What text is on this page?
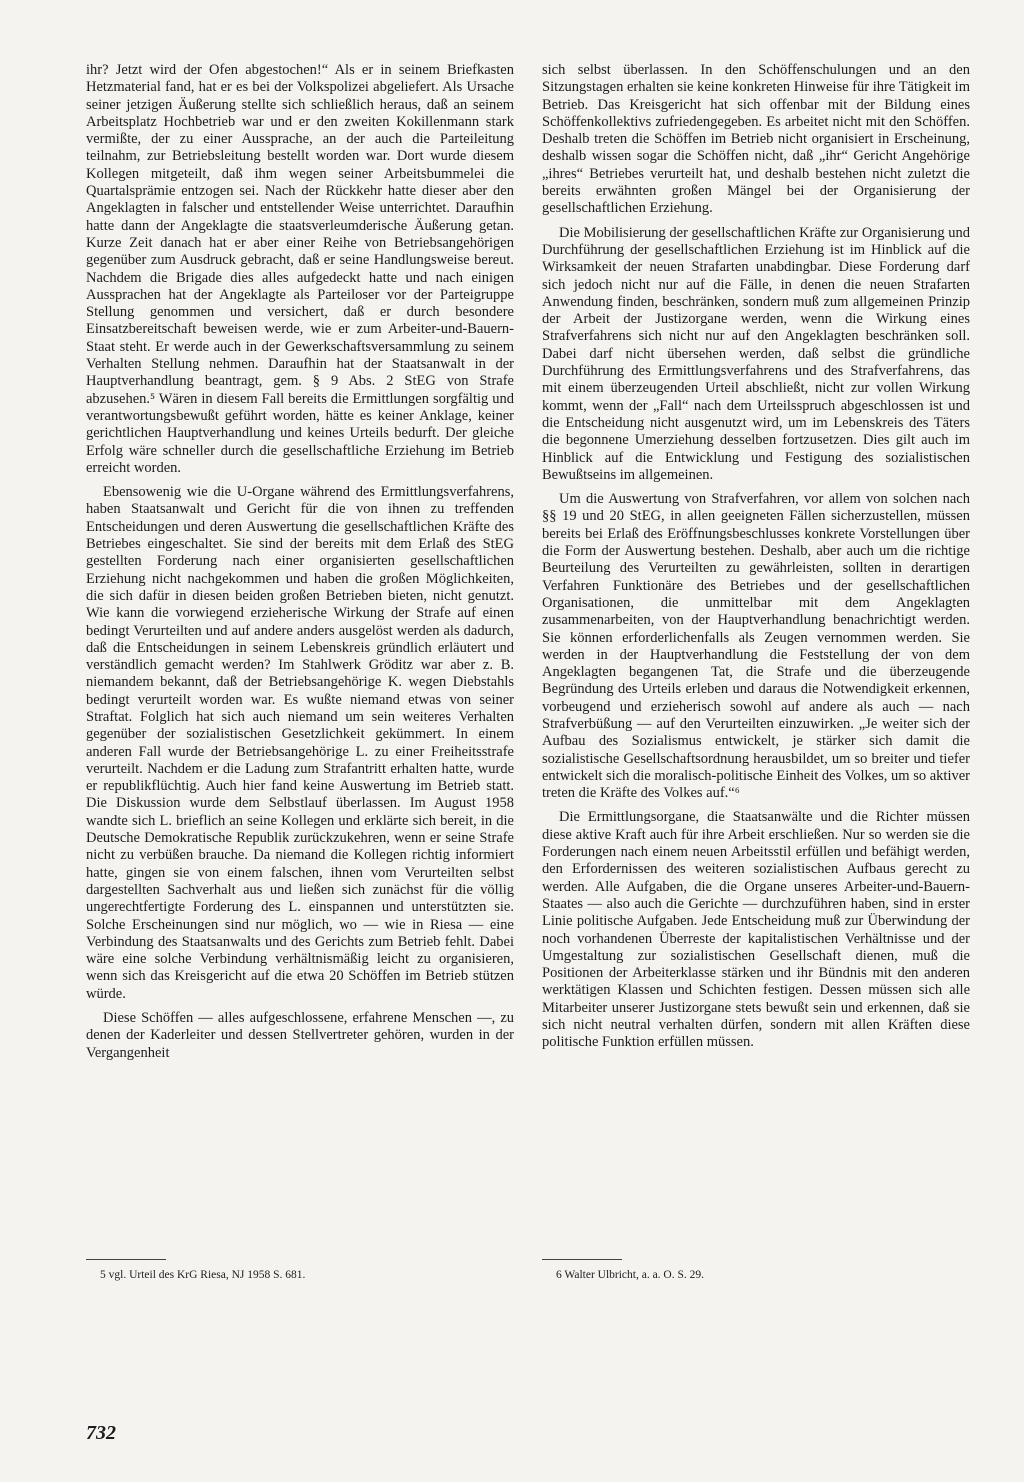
ihr? Jetzt wird der Ofen abgestochen!“ Als er in seinem Briefkasten Hetzmaterial fand, hat er es bei der Volkspolizei abgeliefert. Als Ursache seiner jetzigen Äußerung stellte sich schließlich heraus, daß an seinem Arbeitsplatz Hochbetrieb war und er den zweiten Kokillenmann stark vermißte, der zu einer Aussprache, an der auch die Parteileitung teilnahm, zur Betriebsleitung bestellt worden war. Dort wurde diesem Kollegen mitgeteilt, daß ihm wegen seiner Arbeitsbummelei die Quartalsprämie entzogen sei. Nach der Rückkehr hatte dieser aber den Angeklagten in falscher und entstellender Weise unterrichtet. Daraufhin hatte dann der Angeklagte die staatsverleumderische Äußerung getan. Kurze Zeit danach hat er aber einer Reihe von Betriebsangehörigen gegenüber zum Ausdruck gebracht, daß er seine Handlungsweise bereut. Nachdem die Brigade dies alles aufgedeckt hatte und nach einigen Aussprachen hat der Angeklagte als Parteiloser vor der Parteigruppe Stellung genommen und versichert, daß er durch besondere Einsatzbereitschaft beweisen werde, wie er zum Arbeiter-und-Bauern-Staat steht. Er werde auch in der Gewerkschaftsversammlung zu seinem Verhalten Stellung nehmen. Daraufhin hat der Staatsanwalt in der Hauptverhandlung beantragt, gem. § 9 Abs. 2 StEG von Strafe abzusehen.⁵ Wären in diesem Fall bereits die Ermittlungen sorgfältig und verantwortungsbewußt geführt worden, hätte es keiner Anklage, keiner gerichtlichen Hauptverhandlung und keines Urteils bedurft. Der gleiche Erfolg wäre schneller durch die gesellschaftliche Erziehung im Betrieb erreicht worden.

Ebensowenig wie die U-Organe während des Ermittlungsverfahrens, haben Staatsanwalt und Gericht für die von ihnen zu treffenden Entscheidungen und deren Auswertung die gesellschaftlichen Kräfte des Betriebes eingeschaltet. Sie sind der bereits mit dem Erlaß des StEG gestellten Forderung nach einer organisierten gesellschaftlichen Erziehung nicht nachgekommen und haben die großen Möglichkeiten, die sich dafür in diesen beiden großen Betrieben bieten, nicht genutzt. Wie kann die vorwiegend erzieherische Wirkung der Strafe auf einen bedingt Verurteilten und auf andere anders ausgelöst werden als dadurch, daß die Entscheidungen in seinem Lebenskreis gründlich erläutert und verständlich gemacht werden? Im Stahlwerk Gröditz war aber z. B. niemandem bekannt, daß der Betriebsangehörige K. wegen Diebstahls bedingt verurteilt worden war. Es wußte niemand etwas von seiner Straftat. Folglich hat sich auch niemand um sein weiteres Verhalten gegenüber der sozialistischen Gesetzlichkeit gekümmert. In einem anderen Fall wurde der Betriebsangehörige L. zu einer Freiheitsstrafe verurteilt. Nachdem er die Ladung zum Strafantritt erhalten hatte, wurde er republikflüchtig. Auch hier fand keine Auswertung im Betrieb statt. Die Diskussion wurde dem Selbstlauf überlassen. Im August 1958 wandte sich L. brieflich an seine Kollegen und erklärte sich bereit, in die Deutsche Demokratische Republik zurückzukehren, wenn er seine Strafe nicht zu verbüßen brauche. Da niemand die Kollegen richtig informiert hatte, gingen sie von einem falschen, ihnen vom Verurteilten selbst dargestellten Sachverhalt aus und ließen sich zunächst für die völlig ungerechtfertigte Forderung des L. einspannen und unterstützten sie. Solche Erscheinungen sind nur möglich, wo — wie in Riesa — eine Verbindung des Staatsanwalts und des Gerichts zum Betrieb fehlt. Dabei wäre eine solche Verbindung verhältnismäßig leicht zu organisieren, wenn sich das Kreisgericht auf die etwa 20 Schöffen im Betrieb stützen würde.

Diese Schöffen — alles aufgeschlossene, erfahrene Menschen —, zu denen der Kaderleiter und dessen Stellvertreter gehören, wurden in der Vergangenheit

sich selbst überlassen. In den Schöffenschulungen und an den Sitzungstagen erhalten sie keine konkreten Hinweise für ihre Tätigkeit im Betrieb. Das Kreisgericht hat sich offenbar mit der Bildung eines Schöffenkollektivs zufriedengegeben. Es arbeitet nicht mit den Schöffen. Deshalb treten die Schöffen im Betrieb nicht organisiert in Erscheinung, deshalb wissen sogar die Schöffen nicht, daß „ihr“ Gericht Angehörige „ihres“ Betriebes verurteilt hat, und deshalb bestehen nicht zuletzt die bereits erwähnten großen Mängel bei der Organisierung der gesellschaftlichen Erziehung.

Die Mobilisierung der gesellschaftlichen Kräfte zur Organisierung und Durchführung der gesellschaftlichen Erziehung ist im Hinblick auf die Wirksamkeit der neuen Strafarten unabdingbar. Diese Forderung darf sich jedoch nicht nur auf die Fälle, in denen die neuen Strafarten Anwendung finden, beschränken, sondern muß zum allgemeinen Prinzip der Arbeit der Justizorgane werden, wenn die Wirkung eines Strafverfahrens sich nicht nur auf den Angeklagten beschränken soll. Dabei darf nicht übersehen werden, daß selbst die gründliche Durchführung des Ermittlungsverfahrens und des Strafverfahrens, das mit einem überzeugenden Urteil abschließt, nicht zur vollen Wirkung kommt, wenn der „Fall“ nach dem Urteilsspruch abgeschlossen ist und die Entscheidung nicht ausgenutzt wird, um im Lebenskreis des Täters die begonnene Umerziehung desselben fortzusetzen. Dies gilt auch im Hinblick auf die Entwicklung und Festigung des sozialistischen Bewußtseins im allgemeinen.

Um die Auswertung von Strafverfahren, vor allem von solchen nach §§ 19 und 20 StEG, in allen geeigneten Fällen sicherzustellen, müssen bereits bei Erlaß des Eröffnungsbeschlusses konkrete Vorstellungen über die Form der Auswertung bestehen. Deshalb, aber auch um die richtige Beurteilung des Verurteilten zu gewährleisten, sollten in derartigen Verfahren Funktionäre des Betriebes und der gesellschaftlichen Organisationen, die unmittelbar mit dem Angeklagten zusammenarbeiten, von der Hauptverhandlung benachrichtigt werden. Sie können erforderlichenfalls als Zeugen vernommen werden. Sie werden in der Hauptverhandlung die Feststellung der von dem Angeklagten begangenen Tat, die Strafe und die überzeugende Begründung des Urteils erleben und daraus die Notwendigkeit erkennen, vorbeugend und erzieherisch sowohl auf andere als auch — nach Strafverbüßung — auf den Verurteilten einzuwirken. „Je weiter sich der Aufbau des Sozialismus entwickelt, je stärker sich damit die sozialistische Gesellschaftsordnung herausbildet, um so breiter und tiefer entwickelt sich die moralisch-politische Einheit des Volkes, um so aktiver treten die Kräfte des Volkes auf.“⁶

Die Ermittlungsorgane, die Staatsanwälte und die Richter müssen diese aktive Kraft auch für ihre Arbeit erschließen. Nur so werden sie die Forderungen nach einem neuen Arbeitsstil erfüllen und befähigt werden, den Erfordernissen des weiteren sozialistischen Aufbaus gerecht zu werden. Alle Aufgaben, die die Organe unseres Arbeiter-und-Bauern-Staates — also auch die Gerichte — durchzuführen haben, sind in erster Linie politische Aufgaben. Jede Entscheidung muß zur Überwindung der noch vorhandenen Überreste der kapitalistischen Verhältnisse und der Umgestaltung zur sozialistischen Gesellschaft dienen, muß die Positionen der Arbeiterklasse stärken und ihr Bündnis mit den anderen werktätigen Klassen und Schichten festigen. Dessen müssen sich alle Mitarbeiter unserer Justizorgane stets bewußt sein und erkennen, daß sie sich nicht neutral verhalten dürfen, sondern mit allen Kräften diese politische Funktion erfüllen müssen.

5 vgl. Urteil des KrG Riesa, NJ 1958 S. 681.	6 Walter Ulbricht, a. a. O. S. 29.
732
